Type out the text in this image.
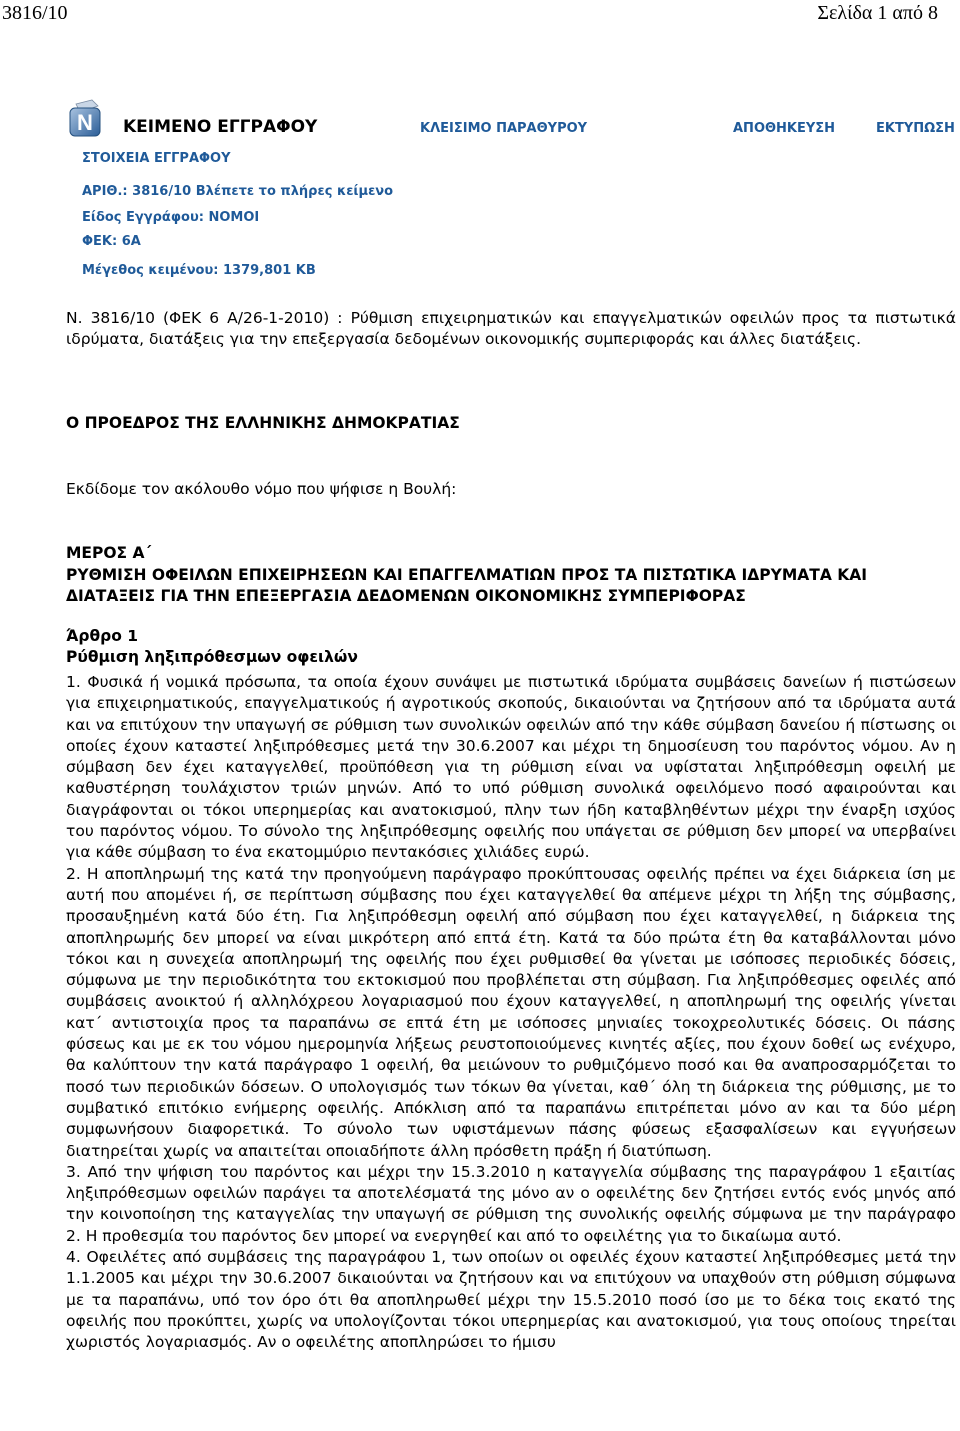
3816/10	Σελίδα 1 από 8
N ΚΕΙΜΕΝΟ ΕΓΓΡΑΦΟΥ	ΚΛΕΙΣΙΜΟ ΠΑΡΑΘΥΡΟΥ	ΑΠΟΘΗΚΕΥΣΗ	ΕΚΤΥΠΩΣΗ
ΣΤΟΙΧΕΙΑ ΕΓΓΡΑΦΟΥ
ΑΡΙΘ.: 3816/10 Βλέπετε το πλήρες κείμενο
Είδος Εγγράφου: ΝΟΜΟΙ
ΦΕΚ: 6Α
Μέγεθος κειμένου: 1379,801 KB
Ν. 3816/10 (ΦΕΚ 6 Α/26-1-2010) : Ρύθμιση επιχειρηματικών και επαγγελματικών οφειλών προς τα πιστωτικά ιδρύματα, διατάξεις για την επεξεργασία δεδομένων οικονομικής συμπεριφοράς και άλλες διατάξεις.
Ο ΠΡΟΕΔΡΟΣ ΤΗΣ ΕΛΛΗΝΙΚΗΣ ΔΗΜΟΚΡΑΤΙΑΣ
Εκδίδομε τον ακόλουθο νόμο που ψήφισε η Βουλή:
ΜΕΡΟΣ Α΄
ΡΥΘΜΙΣΗ ΟΦΕΙΛΩΝ ΕΠΙΧΕΙΡΗΣΕΩΝ ΚΑΙ ΕΠΑΓΓΕΛΜΑΤΙΩΝ ΠΡΟΣ ΤΑ ΠΙΣΤΩΤΙΚΑ ΙΔΡΥΜΑΤΑ ΚΑΙ ΔΙΑΤΑΞΕΙΣ ΓΙΑ ΤΗΝ ΕΠΕΞΕΡΓΑΣΙΑ ΔΕΔΟΜΕΝΩΝ ΟΙΚΟΝΟΜΙΚΗΣ ΣΥΜΠΕΡΙΦΟΡΑΣ
Άρθρο 1
Ρύθμιση ληξιπρόθεσμων οφειλών

1. Φυσικά ή νομικά πρόσωπα, τα οποία έχουν συνάψει με πιστωτικά ιδρύματα συμβάσεις δανείων ή πιστώσεων για επιχειρηματικούς, επαγγελματικούς ή αγροτικούς σκοπούς, δικαιούνται να ζητήσουν από τα ιδρύματα αυτά και να επιτύχουν την υπαγωγή σε ρύθμιση των συνολικών οφειλών από την κάθε σύμβαση δανείου ή πίστωσης οι οποίες έχουν καταστεί ληξιπρόθεσμες μετά την 30.6.2007 και μέχρι τη δημοσίευση του παρόντος νόμου. Αν η σύμβαση δεν έχει καταγγελθεί, προϋπόθεση για τη ρύθμιση είναι να υφίσταται ληξιπρόθεσμη οφειλή με καθυστέρηση τουλάχιστον τριών μηνών. Από το υπό ρύθμιση συνολικά οφειλόμενο ποσό αφαιρούνται και διαγράφονται οι τόκοι υπερημερίας και ανατοκισμού, πλην των ήδη καταβληθέντων μέχρι την έναρξη ισχύος του παρόντος νόμου. Το σύνολο της ληξιπρόθεσμης οφειλής που υπάγεται σε ρύθμιση δεν μπορεί να υπερβαίνει για κάθε σύμβαση το ένα εκατομμύριο πεντακόσιες χιλιάδες ευρώ.

2. Η αποπληρωμή της κατά την προηγούμενη παράγραφο προκύπτουσας οφειλής πρέπει να έχει διάρκεια ίση με αυτή που απομένει ή, σε περίπτωση σύμβασης που έχει καταγγελθεί θα απέμενε μέχρι τη λήξη της σύμβασης, προσαυξημένη κατά δύο έτη. Για ληξιπρόθεσμη οφειλή από σύμβαση που έχει καταγγελθεί, η διάρκεια της αποπληρωμής δεν μπορεί να είναι μικρότερη από επτά έτη. Κατά τα δύο πρώτα έτη θα καταβάλλονται μόνο τόκοι και η συνεχεία αποπληρωμή της οφειλής που έχει ρυθμισθεί θα γίνεται με ισόποσες περιοδικές δόσεις, σύμφωνα με την περιοδικότητα του εκτοκισμού που προβλέπεται στη σύμβαση. Για ληξιπρόθεσμες οφειλές από συμβάσεις ανοικτού ή αλληλόχρεου λογαριασμού που έχουν καταγγελθεί, η αποπληρωμή της οφειλής γίνεται κατ΄ αντιστοιχία προς τα παραπάνω σε επτά έτη με ισόποσες μηνιαίες τοκοχρεολυτικές δόσεις. Οι πάσης φύσεως και με εκ του νόμου ημερομηνία λήξεως ρευστοποιούμενες κινητές αξίες, που έχουν δοθεί ως ενέχυρο, θα καλύπτουν την κατά παράγραφο 1 οφειλή, θα μειώνουν το ρυθμιζόμενο ποσό και θα αναπροσαρμόζεται το ποσό των περιοδικών δόσεων. Ο υπολογισμός των τόκων θα γίνεται, καθ΄ όλη τη διάρκεια της ρύθμισης, με το συμβατικό επιτόκιο ενήμερης οφειλής. Απόκλιση από τα παραπάνω επιτρέπεται μόνο αν και τα δύο μέρη συμφωνήσουν διαφορετικά. Το σύνολο των υφιστάμενων πάσης φύσεως εξασφαλίσεων και εγγυήσεων διατηρείται χωρίς να απαιτείται οποιαδήποτε άλλη πρόσθετη πράξη ή διατύπωση.

3. Από την ψήφιση του παρόντος και μέχρι την 15.3.2010 η καταγγελία σύμβασης της παραγράφου 1 εξαιτίας ληξιπρόθεσμων οφειλών παράγει τα αποτελέσματά της μόνο αν ο οφειλέτης δεν ζητήσει εντός ενός μηνός από την κοινοποίηση της καταγγελίας την υπαγωγή σε ρύθμιση της συνολικής οφειλής σύμφωνα με την παράγραφο 2. Η προθεσμία του παρόντος δεν μπορεί να ενεργηθεί και από το οφειλέτης για το δικαίωμα αυτό.

4. Οφειλέτες από συμβάσεις της παραγράφου 1, των οποίων οι οφειλές έχουν καταστεί ληξιπρόθεσμες μετά την 1.1.2005 και μέχρι την 30.6.2007 δικαιούνται να ζητήσουν και να επιτύχουν να υπαχθούν στη ρύθμιση σύμφωνα με τα παραπάνω, υπό τον όρο ότι θα αποπληρωθεί μέχρι την 15.5.2010 ποσό ίσο με το δέκα τοις εκατό της οφειλής που προκύπτει, χωρίς να υπολογίζονται τόκοι υπερημερίας και ανατοκισμού, για τους οποίους τηρείται χωριστός λογαριασμός. Αν ο οφειλέτης αποπληρώσει το ήμισυ
